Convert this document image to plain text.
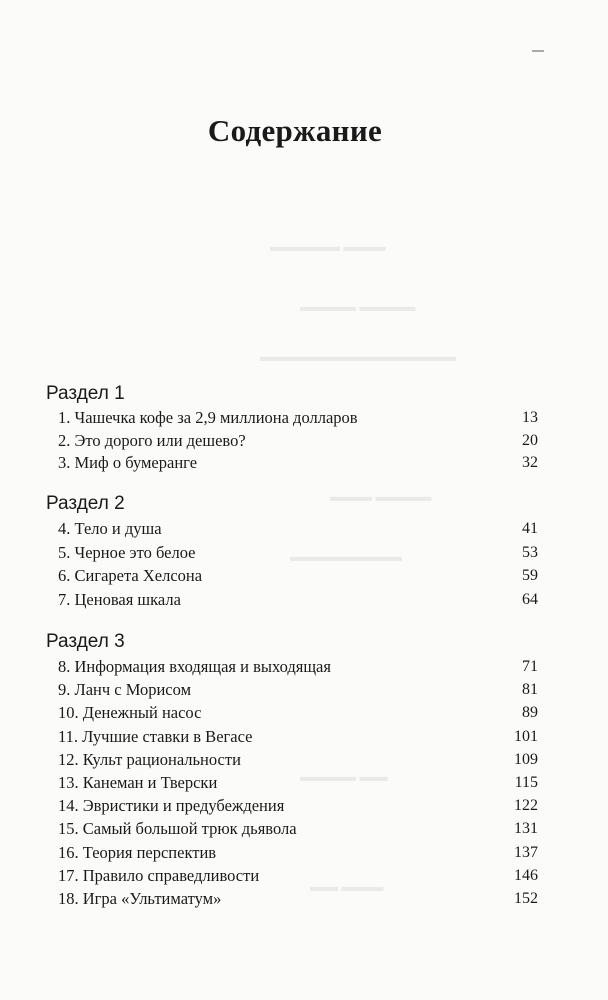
▬▬▬ ▬▬▬▬▬
▬▬▬▬ ▬▬▬▬
▬▬▬▬▬▬▬▬▬▬▬▬▬▬
▬▬▬▬ ▬▬▬
▬▬▬▬▬▬▬▬
▬▬ ▬▬▬▬
▬▬▬ ▬▬
Содержание
Раздел 1
1. Чашечка кофе за 2,9 миллиона долларов	13
2. Это дорого или дешево?	20
3. Миф о бумеранге	32
Раздел 2
4. Тело и душа	41
5. Черное это белое	53
6. Сигарета Хелсона	59
7. Ценовая шкала	64
Раздел 3
8. Информация входящая и выходящая	71
9. Ланч с Морисом	81
10. Денежный насос	89
11. Лучшие ставки в Вегасе	101
12. Культ рациональности	109
13. Канеман и Тверски	115
14. Эвристики и предубеждения	122
15. Самый большой трюк дьявола	131
16. Теория перспектив	137
17. Правило справедливости	146
18. Игра «Ультиматум»	152
